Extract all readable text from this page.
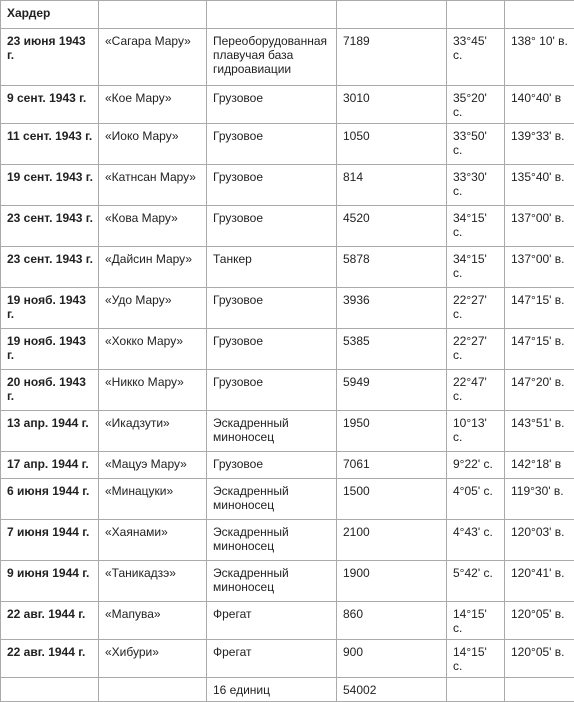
Хардер					
23 июня 1943 г.	«Сагара Мару»	Переоборудованная плавучая база гидроавиации	7189	33°45' с.	138° 10' в.
9 сент. 1943 г.	«Кое Мару»	Грузовое	3010	35°20' с.	140°40' в
11 сент. 1943 г.	«Иоко Мару»	Грузовое	1050	33°50' с.	139°33' в.
19 сент. 1943 г.	«Катнсан Мару»	Грузовое	814	33°30' с.	135°40' в.
23 сент. 1943 г.	«Кова Мару»	Грузовое	4520	34°15' с.	137°00' в.
23 сент. 1943 г.	«Дайсин Мару»	Танкер	5878	34°15' с.	137°00' в.
19 нояб. 1943 г.	«Удо Мару»	Грузовое	3936	22°27' с.	147°15' в.
19 нояб. 1943 г.	«Хокко Мару»	Грузовое	5385	22°27' с.	147°15' в.
20 нояб. 1943 г.	«Никко Мару»	Грузовое	5949	22°47' с.	147°20' в.
13 апр. 1944 г.	«Икадзути»	Эскадренный миноносец	1950	10°13' с.	143°51' в.
17 апр. 1944 г.	«Мацуэ Мару»	Грузовое	7061	9°22' с.	142°18' в
6 июня 1944 г.	«Минацуки»	Эскадренный миноносец	1500	4°05' с.	119°30' в.
7 июня 1944 г.	«Хаянами»	Эскадренный миноносец	2100	4°43' с.	120°03' в.
9 июня 1944 г.	«Таникадзэ»	Эскадренный миноносец	1900	5°42' с.	120°41' в.
22 авг. 1944 г.	«Мапува»	Фрегат	860	14°15' с.	120°05' в.
22 авг. 1944 г.	«Хибури»	Фрегат	900	14°15' с.	120°05' в.
		16 единиц	54002		
